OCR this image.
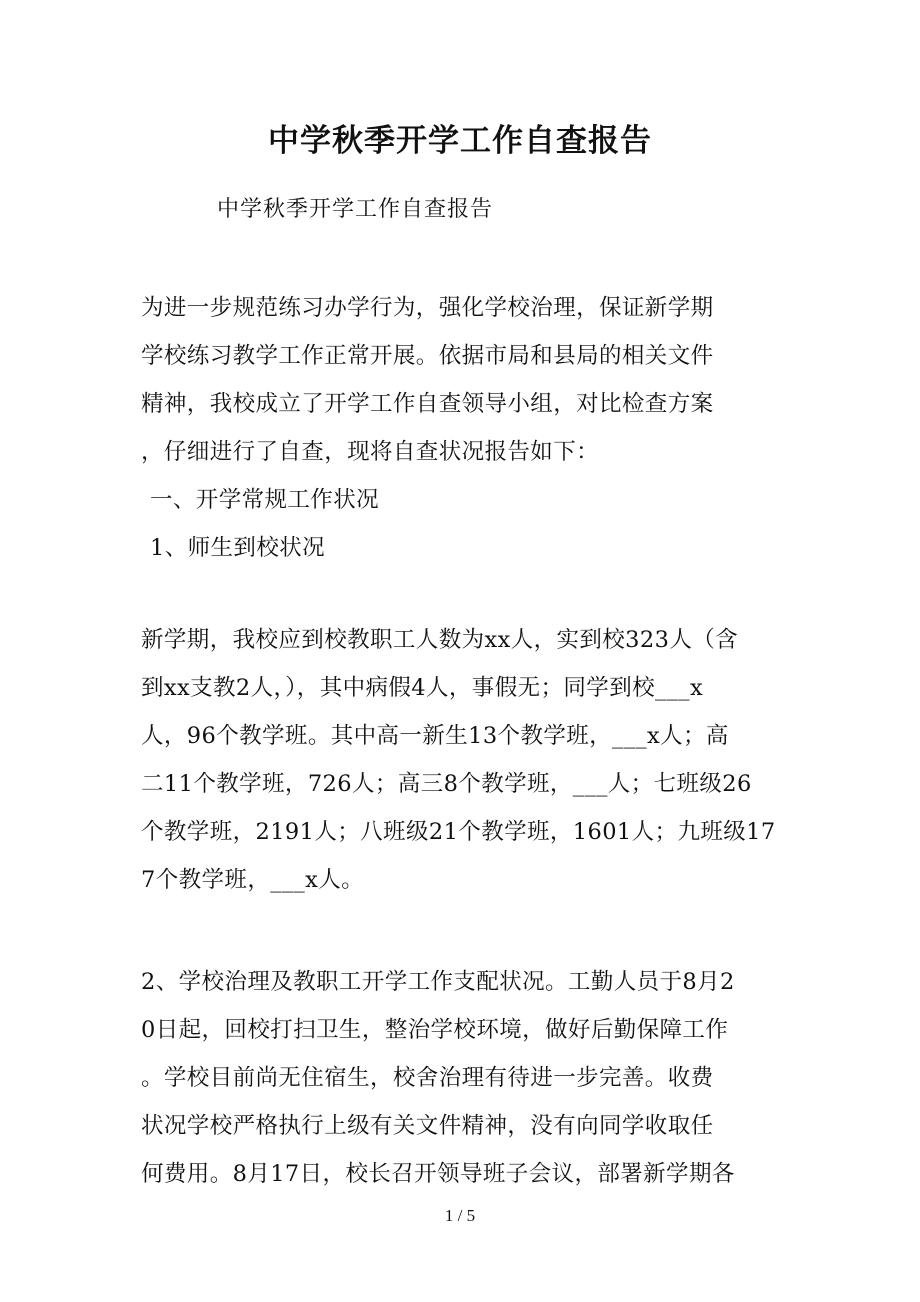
中学秋季开学工作自查报告

中学秋季开学工作自查报告

为进一步规范练习办学行为，强化学校治理，保证新学期
学校练习教学工作正常开展。依据市局和县局的相关文件
精神，我校成立了开学工作自查领导小组，对比检查方案
，仔细进行了自查，现将自查状况报告如下：

一、开学常规工作状况

1、师生到校状况

新学期，我校应到校教职工人数为xx人，实到校323人（含
到xx支教2人，），其中病假4人，事假无；同学到校___x
人，96个教学班。其中高一新生13个教学班，___x人；高
二11个教学班，726人；高三8个教学班，___人；七班级26
个教学班，2191人；八班级21个教学班，1601人；九班级17
7个教学班，___x人。
2、学校治理及教职工开学工作支配状况。工勤人员于8月2
0日起，回校打扫卫生，整治学校环境，做好后勤保障工作
。学校目前尚无住宿生，校舍治理有待进一步完善。收费
状况学校严格执行上级有关文件精神，没有向同学收取任
何费用。8月17日，校长召开领导班子会议，部署新学期各
1 / 5
